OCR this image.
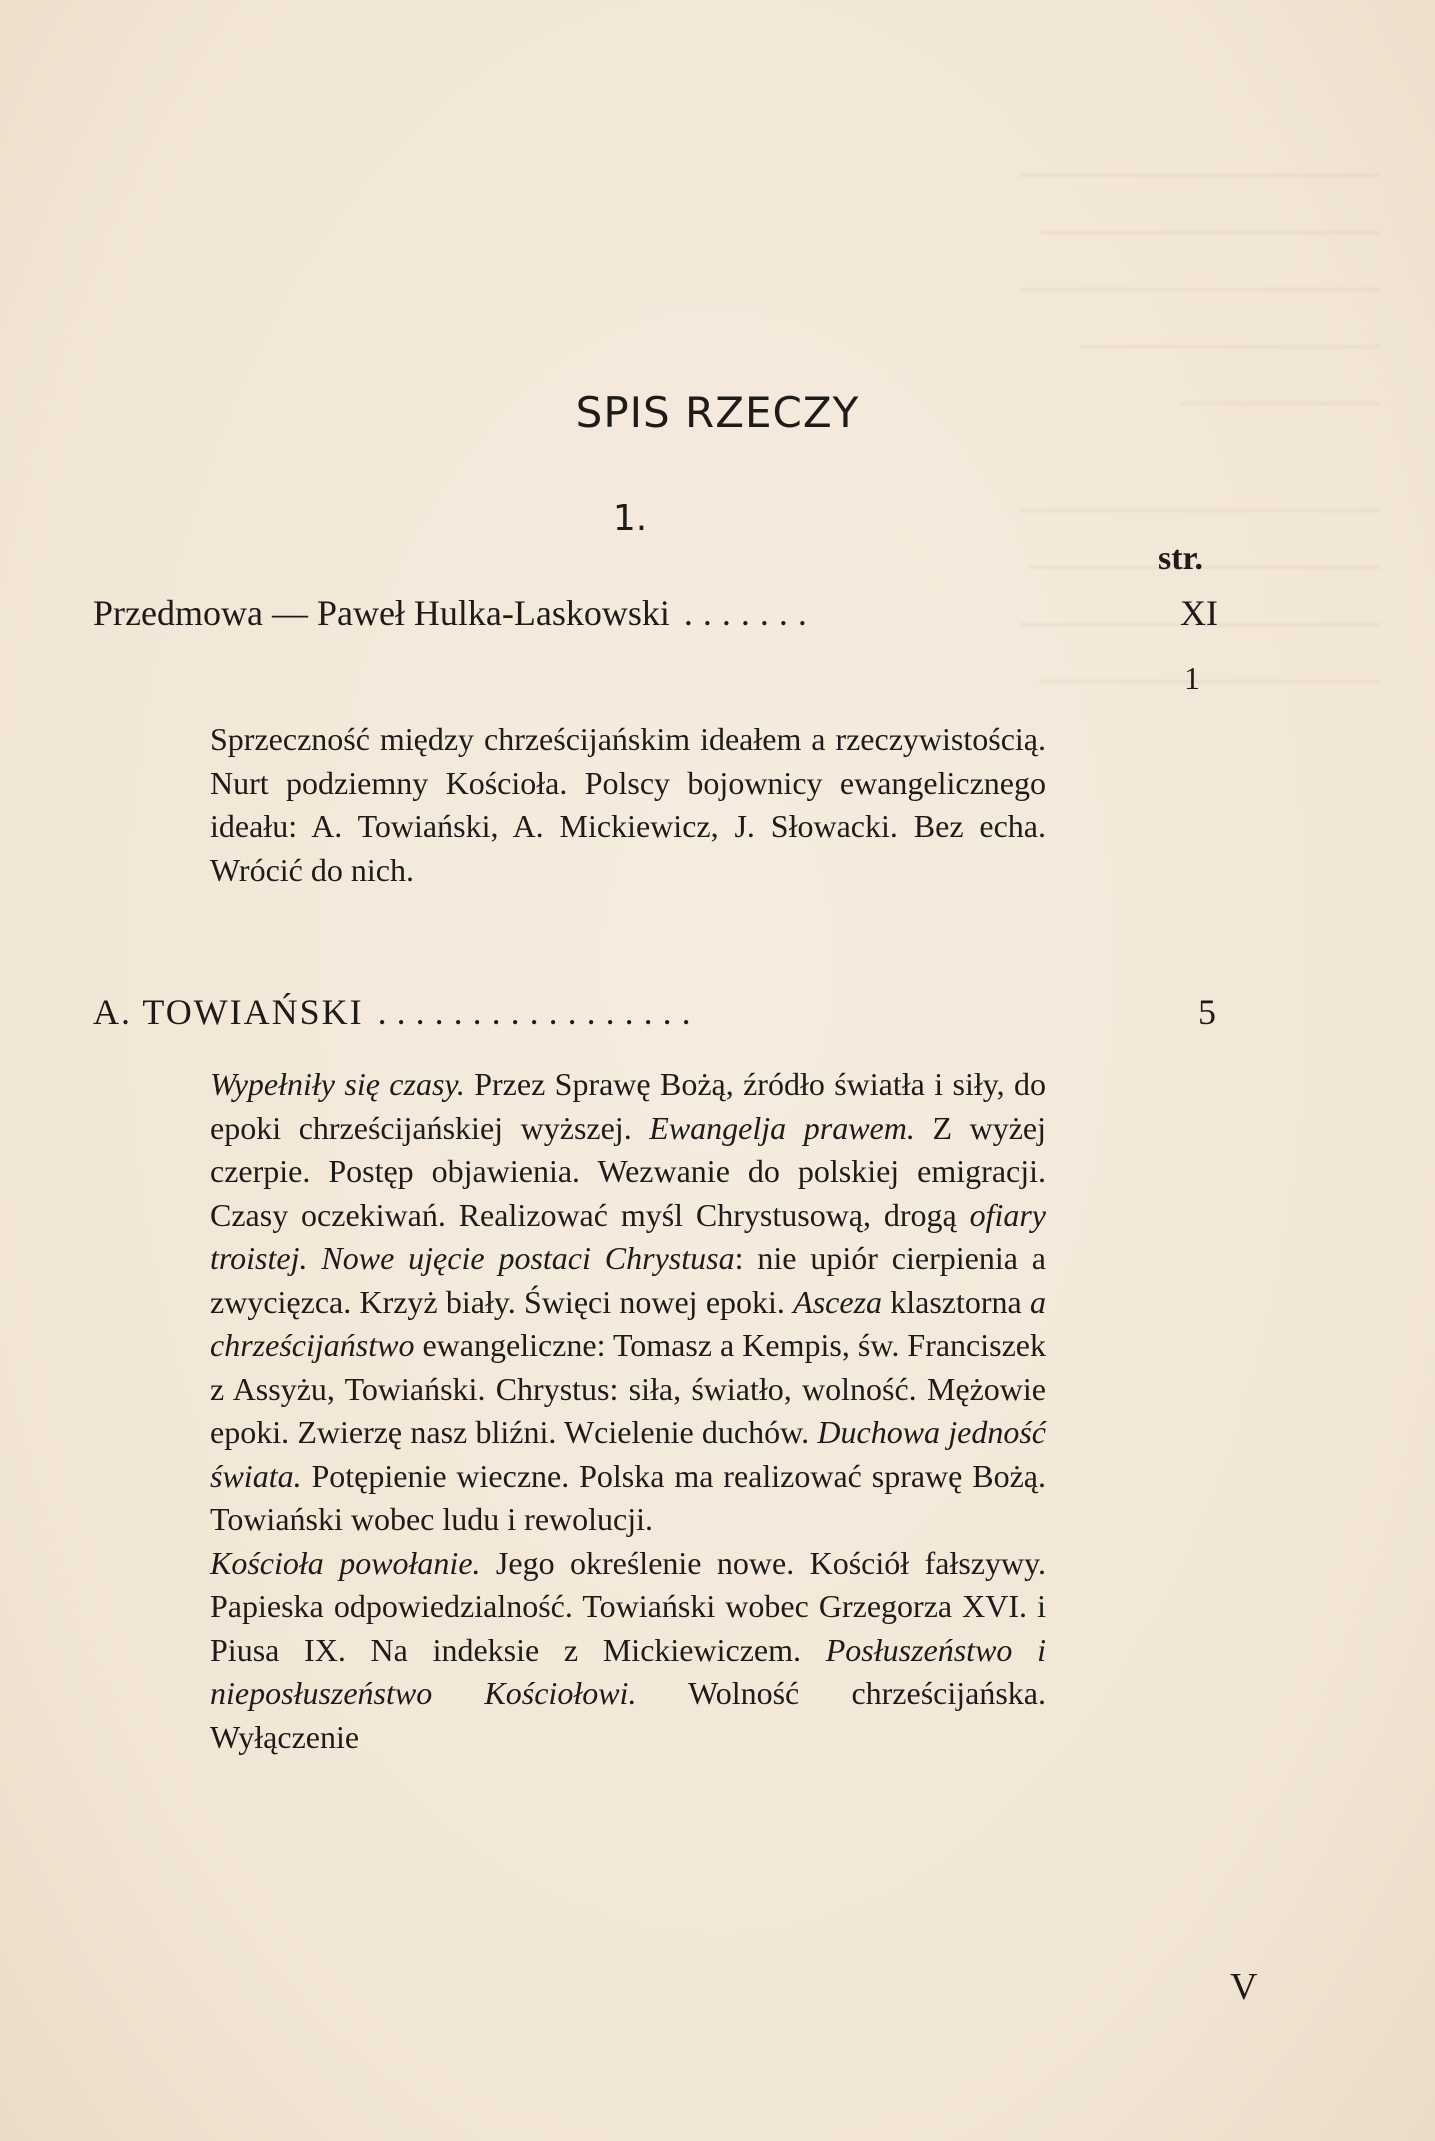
SPIS RZECZY
1.
str.
Przedmowa — Paweł Hulka-Laskowski .......	XI
1

Sprzeczność między chrześcijańskim ideałem a rzeczywistością. Nurt podziemny Kościoła. Polscy bojownicy ewangelicznego ideału: A. Towiański, A. Mickiewicz, J. Słowacki. Bez echa. Wrócić do nich.

A. TOWIAŃSKI .................	5
Wypełniły się czasy. Przez Sprawę Bożą, źródło światła i siły, do epoki chrześcijańskiej wyższej. Ewangelja prawem. Z wyżej czerpie. Postęp objawienia. Wezwanie do polskiej emigracji. Czasy oczekiwań. Realizować myśl Chrystusową, drogą ofiary troistej. Nowe ujęcie postaci Chrystusa: nie upiór cierpienia a zwycięzca. Krzyż biały. Święci nowej epoki. Asceza klasztorna a chrześcijaństwo ewangeliczne: Tomasz a Kempis, św. Franciszek z Assyżu, Towiański. Chrystus: siła, światło, wolność. Mężowie epoki. Zwierzę nasz bliźni. Wcielenie duchów. Duchowa jedność świata. Potępienie wieczne. Polska ma realizować sprawę Bożą. Towiański wobec ludu i rewolucji.
Kościoła powołanie. Jego określenie nowe. Kościół fałszywy. Papieska odpowiedzialność. Towiański wobec Grzegorza XVI. i Piusa IX. Na indeksie z Mickiewiczem. Posłuszeństwo i nieposłuszeństwo Kościołowi. Wolność chrześcijańska. Wyłączenie
V
